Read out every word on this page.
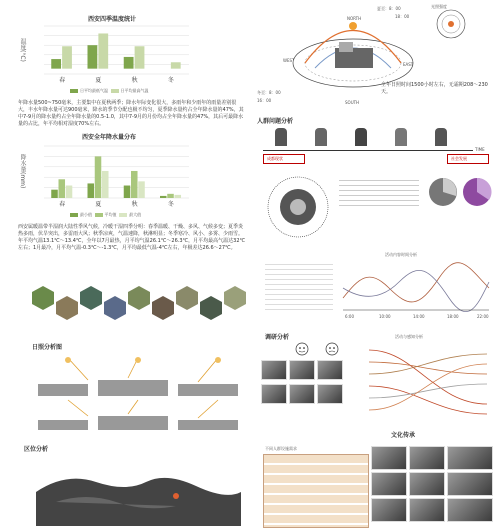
西安四季温度统计
温度(°C)
春	夏	秋	冬
日平均最低气温	日平均最高气温
年降水量500~750毫米，主要集中在夏秋两季；降水年际变化很大，多雨年和少雨年的雨量差别很大，丰水年降水量可达900毫米，降水的季节分配也极不均匀，夏季降水量约占全年降水量的47%，其中7-9月的降水量约占全年降水量的0.5-1.0，其中7-9月的月份均占全年降水量的47%，其后可最降水量的占比，年平均相对湿度70%左右。
西安全年降水量分布
降水量(mm)
春	夏	秋	冬
最小值	平均值	最大值
西安属暖温带半湿润大陆性季风气候，冷暖干湿四季分明：春季温暖、干燥、多风、气候多变；夏季炎热多雨，伏旱突出，多雷雨大风；秋季凉爽，气温速降，秋淋明显；冬季寒冷、风小、多雾、少雨雪。年平均气温13.1℃～13.4℃，全年以7月最热，月平均气温26.1℃～26.3℃，月平均最高气温达32℃左右；1月最冷，月平均气温-0.3℃～-1.3℃，月平均最低气温-4℃左右，年极差达26.6～27℃。
NORTH
SOUTH
EAST
WEST
夏至：8：00
18：00
冬至：8：00
16：00
光照强度
全年日照时间1500小时左右，无霜期208～230天。
人群问题分析
TIME
成都现状	社会发展
活动内容时间分析
6:00	10:00	14:00	18:00	22:00
日照分析图
区位分析
调研分析	活动与感知分析
文化传承
不同人群设施需求
